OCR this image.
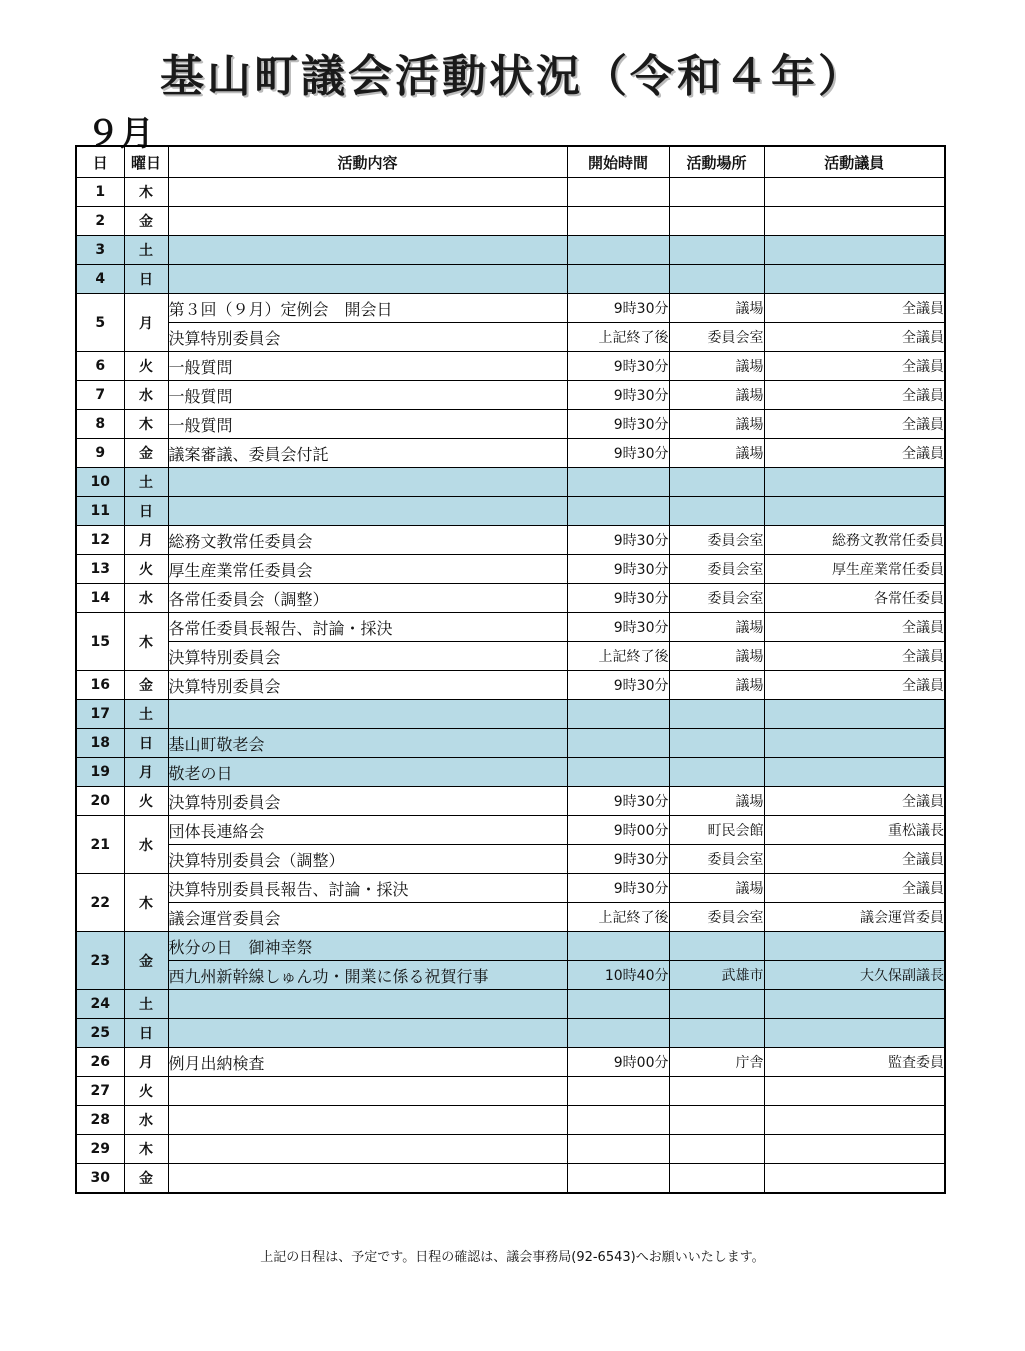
基山町議会活動状況（令和４年）
９月
日	曜日	活動内容	開始時間	活動場所	活動議員
1	木				
2	金				
3	土				
4	日				
5	月	第３回（９月）定例会　開会日	9時30分	議場	全議員
		決算特別委員会	上記終了後	委員会室	全議員
6	火	一般質問	9時30分	議場	全議員
7	水	一般質問	9時30分	議場	全議員
8	木	一般質問	9時30分	議場	全議員
9	金	議案審議、委員会付託	9時30分	議場	全議員
10	土				
11	日				
12	月	総務文教常任委員会	9時30分	委員会室	総務文教常任委員
13	火	厚生産業常任委員会	9時30分	委員会室	厚生産業常任委員
14	水	各常任委員会（調整）	9時30分	委員会室	各常任委員
15	木	各常任委員長報告、討論・採決	9時30分	議場	全議員
		決算特別委員会	上記終了後	議場	全議員
16	金	決算特別委員会	9時30分	議場	全議員
17	土				
18	日	基山町敬老会			
19	月	敬老の日			
20	火	決算特別委員会	9時30分	議場	全議員
21	水	団体長連絡会	9時00分	町民会館	重松議長
		決算特別委員会（調整）	9時30分	委員会室	全議員
22	木	決算特別委員長報告、討論・採決	9時30分	議場	全議員
		議会運営委員会	上記終了後	委員会室	議会運営委員
23	金	秋分の日　御神幸祭			
		西九州新幹線しゅん功・開業に係る祝賀行事	10時40分	武雄市	大久保副議長
24	土				
25	日				
26	月	例月出納検査	9時00分	庁舎	監査委員
27	火				
28	水				
29	木				
30	金				
上記の日程は、予定です。日程の確認は、議会事務局(92-6543)へお願いいたします。
